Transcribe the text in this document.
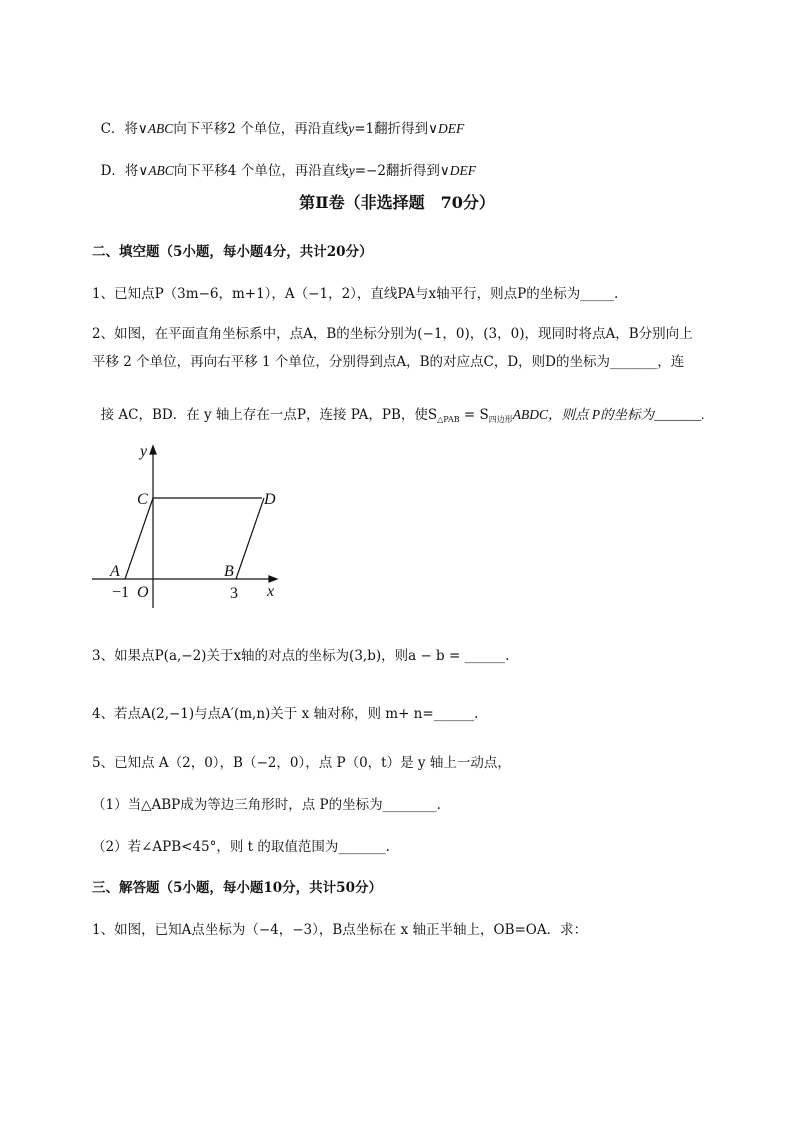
C．将∨ABC向下平移2 个单位，再沿直线y=1翻折得到∨DEF

D．将∨ABC向下平移4 个单位，再沿直线y=−2翻折得到∨DEF

第Ⅱ卷（非选择题　70分）
二、填空题（5小题，每小题4分，共计20分）
1、已知点P（3m−6，m+1），A（−1，2），直线PA与x轴平行，则点P的坐标为_____.
2、如图，在平面直角坐标系中，点A，B的坐标分别为(−1，0)，(3，0)，现同时将点A，B分别向上
平移 2 个单位，再向右平移 1 个单位，分别得到点A，B的对应点C，D，则D的坐标为_______，连

接 AC，BD．在 y 轴上存在一点P，连接 PA，PB，使$S_{\triangle PAB}$ = $S_{四边形}ABDC$，则点 P的坐标为_______.

y
x
C	D
A	B
O
−1	3
3、如果点P(a,−2)关于x轴的对点的坐标为(3,b)，则a − b = ______.
4、若点A(2,−1)与点A′(m,n)关于 x 轴对称，则 m+ n=______.
5、已知点 A（2，0），B（−2，0），点 P（0，t）是 y 轴上一动点，
（1）当△ABP成为等边三角形时，点 P的坐标为________.
（2）若∠APB<45°，则 t 的取值范围为_______.
三、解答题（5小题，每小题10分，共计50分）
1、如图，已知A点坐标为（−4，−3），B点坐标在 x 轴正半轴上，OB=OA．求：
